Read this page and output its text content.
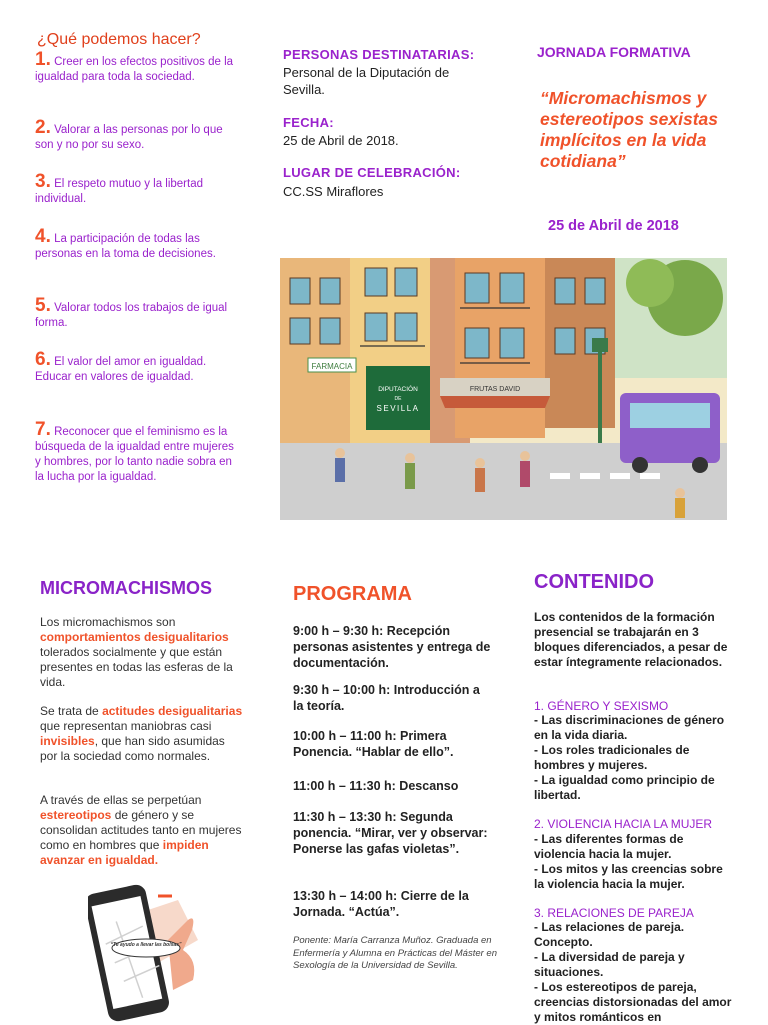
¿Qué podemos hacer?
1. Creer en los efectos positivos de la igualdad para toda la sociedad.
2. Valorar a las personas por lo que son y no por su sexo.
3. El respeto mutuo y la libertad individual.
4. La participación de todas las personas en la toma de decisiones.
5. Valorar todos los trabajos de igual forma.
6. El valor del amor en igualdad.
Educar en valores de igualdad.
7. Reconocer que el feminismo es la búsqueda de la igualdad entre mujeres y hombres, por lo tanto nadie sobra en la lucha por la igualdad.
PERSONAS DESTINATARIAS:
Personal de la Diputación de Sevilla.
FECHA:
25 de Abril de 2018.
LUGAR DE CELEBRACIÓN:
CC.SS Miraflores
JORNADA FORMATIVA
“Micromachismos y estereotipos sexistas implícitos en la vida cotidiana”
25 de Abril de 2018
FARMACIA
FRUTAS DAVID
DIPUTACIÓN
DE
SEVILLA
MICROMACHISMOS
Los micromachismos son comportamientos desigualitarios tolerados socialmente y que están presentes en todas las esferas de la vida.
Se trata de actitudes desigualitarias que representan maniobras casi invisibles, que han sido asumidas por la sociedad como normales.
A través de ellas se perpetúan estereotipos de género y se consolidan actitudes tanto en mujeres como en hombres que impiden avanzar en igualdad.
“Te ayudo a llevar las bolsas”
PROGRAMA
9:00 h – 9:30 h: Recepción personas asistentes y entrega de documentación.
9:30 h – 10:00 h: Introducción a la teoría.
10:00 h – 11:00 h: Primera Ponencia. “Hablar de ello”.
11:00 h – 11:30 h: Descanso
11:30 h – 13:30 h: Segunda ponencia. “Mirar, ver y observar: Ponerse las gafas violetas”.
13:30 h – 14:00 h: Cierre de la Jornada. “Actúa”.
Ponente: María Carranza Muñoz. Graduada en Enfermería y Alumna en Prácticas del Máster en Sexología de la Universidad de Sevilla.
CONTENIDO
Los contenidos de la formación presencial se trabajarán en 3 bloques diferenciados, a pesar de estar íntegramente relacionados.
1. GÉNERO Y SEXISMO
- Las discriminaciones de género en la vida diaria.
- Los roles tradicionales de hombres y mujeres.
- La igualdad como principio de libertad.
2. VIOLENCIA HACIA LA MUJER
- Las diferentes formas de violencia hacia la mujer.
- Los mitos y las creencias sobre la violencia hacia la mujer.
3. RELACIONES DE PAREJA
- Las relaciones de pareja. Concepto.
- La diversidad de pareja y situaciones.
- Los estereotipos de pareja, creencias distorsionadas del amor y mitos románticos en
